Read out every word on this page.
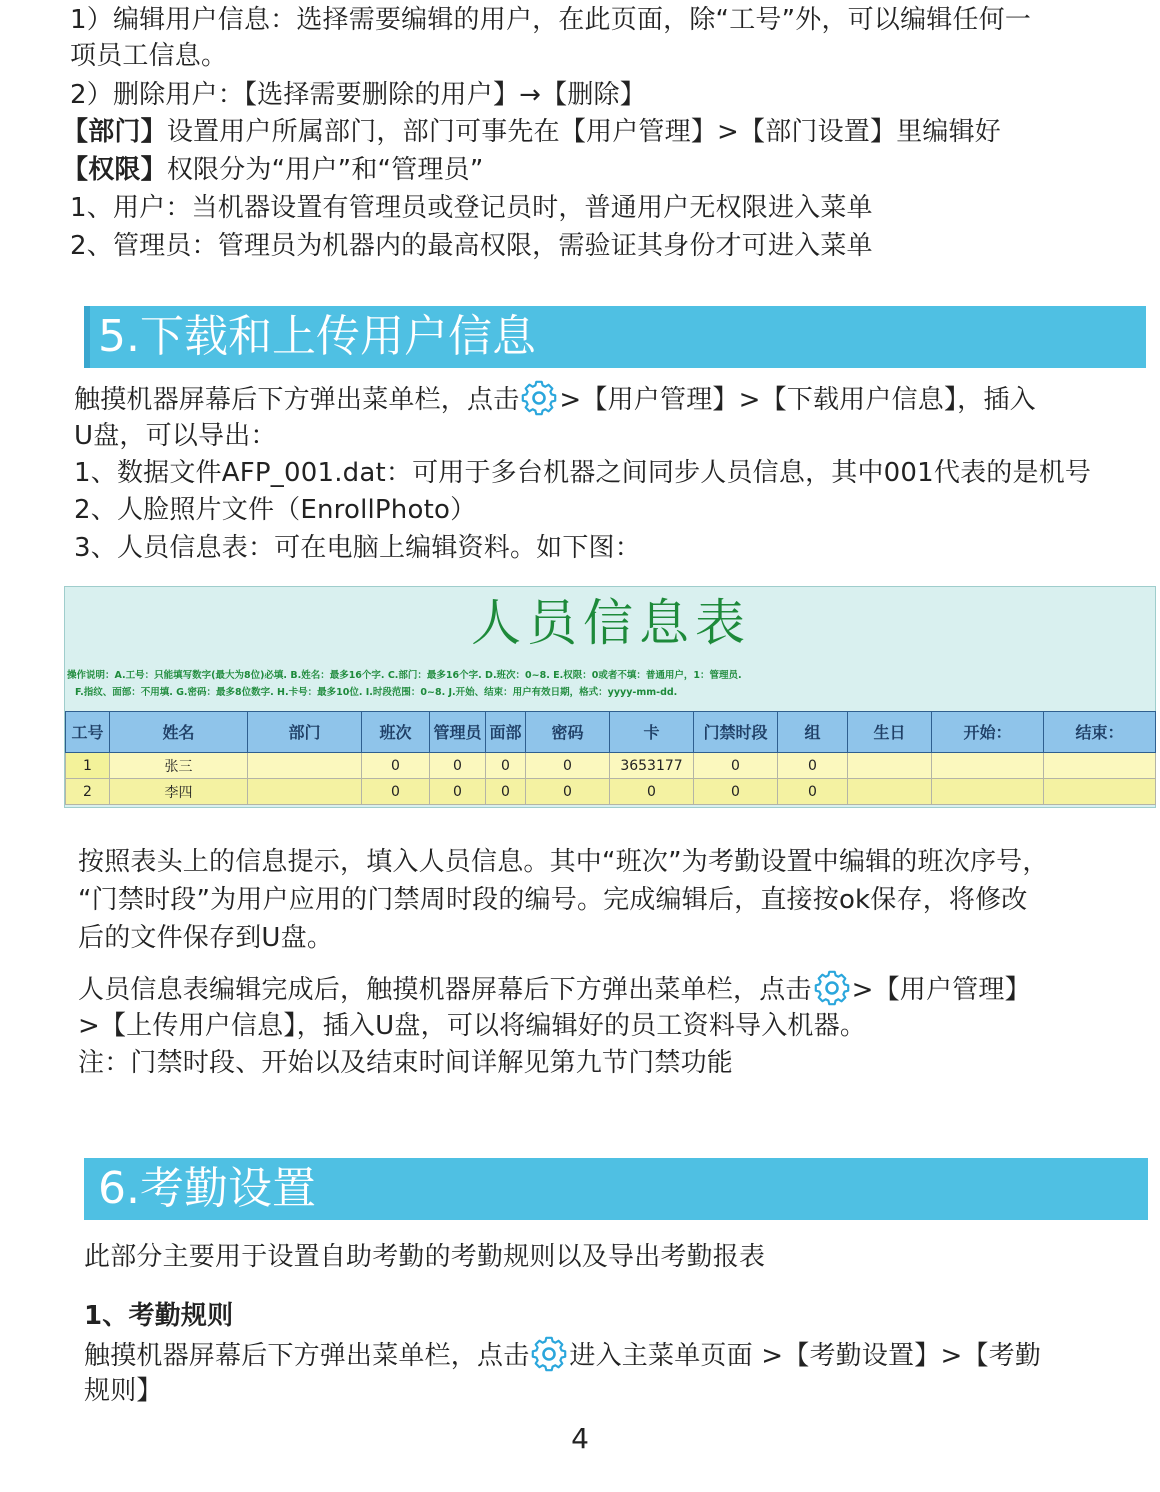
1）编辑用户信息：选择需要编辑的用户，在此页面，除“工号”外，可以编辑任何一
项员工信息。
2）删除用户：【选择需要删除的用户】→【删除】
【部门】设置用户所属部门，部门可事先在【用户管理】>【部门设置】里编辑好
【权限】权限分为“用户”和“管理员”
1、用户：当机器设置有管理员或登记员时，普通用户无权限进入菜单
2、管理员：管理员为机器内的最高权限，需验证其身份才可进入菜单
5.下载和上传用户信息
触摸机器屏幕后下方弹出菜单栏，点击 >【用户管理】>【下载用户信息】，插入
U盘，可以导出：
1、数据文件AFP_001.dat：可用于多台机器之间同步人员信息，其中001代表的是机号
2、人脸照片文件（EnrollPhoto）
3、人员信息表：可在电脑上编辑资料。如下图：
人员信息表
操作说明：A.工号：只能填写数字(最大为8位)必填. B.姓名：最多16个字. C.部门：最多16个字. D.班次：0~8. E.权限：0或者不填：普通用户，1：管理员.
F.指纹、面部：不用填. G.密码：最多8位数字. H.卡号：最多10位. I.时段范围：0~8. J.开始、结束：用户有效日期，格式：yyyy-mm-dd.
工号	姓名	部门	班次	管理员	面部	密码	卡	门禁时段	组	生日	开始：	结束：
1	张三		0	0	0	0	3653177	0	0			
2	李四		0	0	0	0	0	0	0			
按照表头上的信息提示，填入人员信息。其中“班次”为考勤设置中编辑的班次序号，
“门禁时段”为用户应用的门禁周时段的编号。完成编辑后，直接按ok保存，将修改
后的文件保存到U盘。
人员信息表编辑完成后，触摸机器屏幕后下方弹出菜单栏，点击 >【用户管理】
>【上传用户信息】，插入U盘，可以将编辑好的员工资料导入机器。
注：门禁时段、开始以及结束时间详解见第九节门禁功能
6.考勤设置
此部分主要用于设置自助考勤的考勤规则以及导出考勤报表
1、考勤规则
触摸机器屏幕后下方弹出菜单栏，点击 进入主菜单页面 >【考勤设置】>【考勤
规则】
4
